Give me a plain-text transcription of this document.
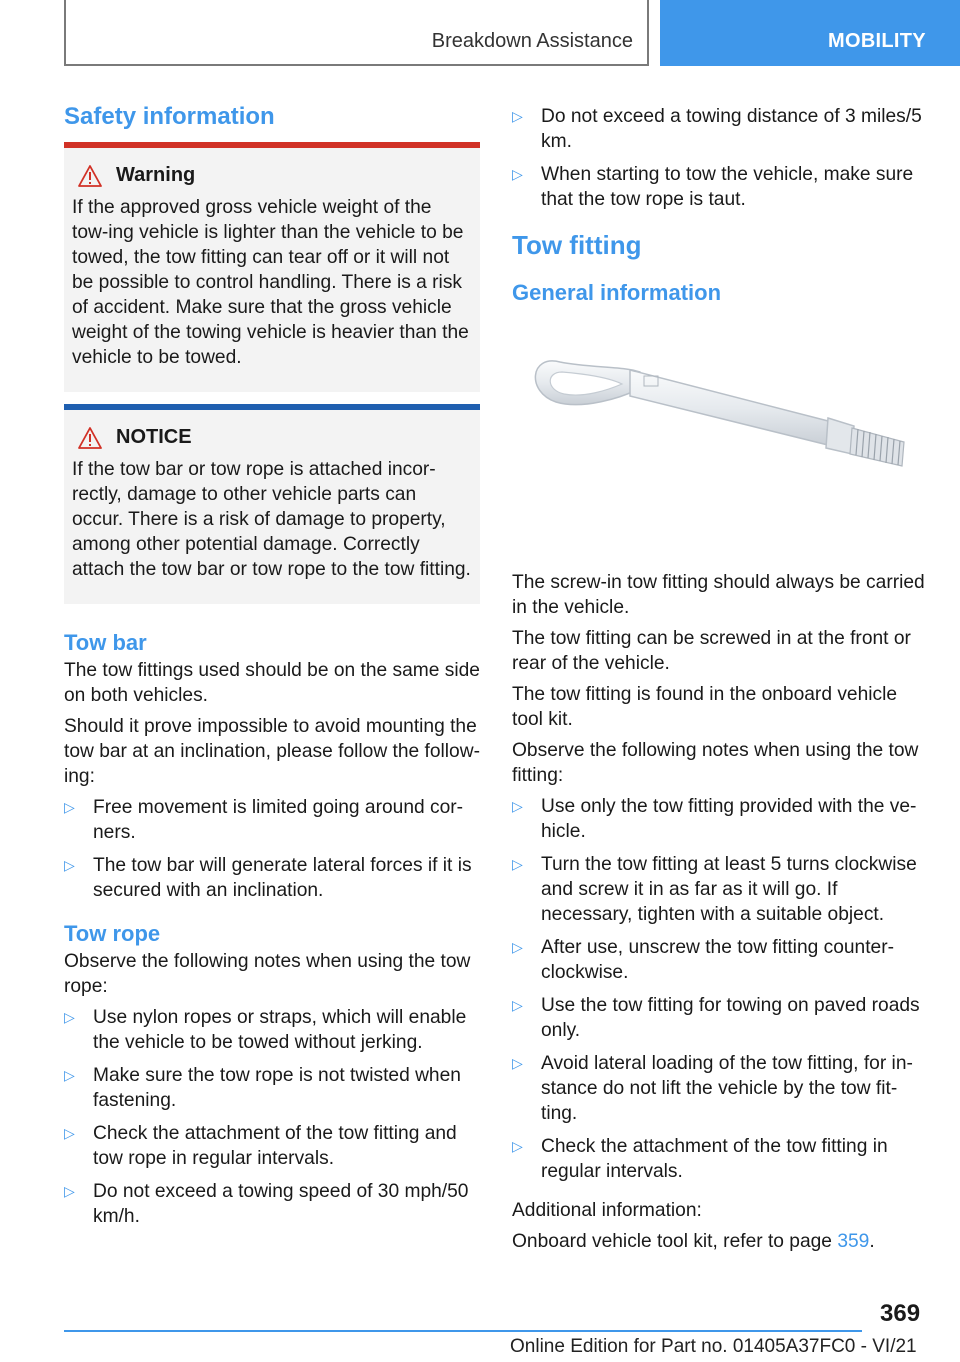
Breakdown Assistance	MOBILITY
Safety information
Warning

If the approved gross vehicle weight of the tow‐ing vehicle is lighter than the vehicle to be towed, the tow fitting can tear off or it will not be possible to control handling. There is a risk of accident. Make sure that the gross vehicle weight of the towing vehicle is heavier than the vehicle to be towed.

NOTICE

If the tow bar or tow rope is attached incor‐rectly, damage to other vehicle parts can occur. There is a risk of damage to property, among other potential damage. Correctly attach the tow bar or tow rope to the tow fitting.

Tow bar

The tow fittings used should be on the same side on both vehicles.

Should it prove impossible to avoid mounting the tow bar at an inclination, please follow the follow‐ing:

▷ Free movement is limited going around cor‐ners.
▷ The tow bar will generate lateral forces if it is secured with an inclination.
Tow rope

Observe the following notes when using the tow rope:

▷ Use nylon ropes or straps, which will enable the vehicle to be towed without jerking.
▷ Make sure the tow rope is not twisted when fastening.
▷ Check the attachment of the tow fitting and tow rope in regular intervals.
▷ Do not exceed a towing speed of 30 mph/50 km/h.
▷ Do not exceed a towing distance of 3 miles/5 km.
▷ When starting to tow the vehicle, make sure that the tow rope is taut.
Tow fitting
General information

The screw-in tow fitting should always be carried in the vehicle.

The tow fitting can be screwed in at the front or rear of the vehicle.

The tow fitting is found in the onboard vehicle tool kit.

Observe the following notes when using the tow fitting:

▷ Use only the tow fitting provided with the ve‐hicle.
▷ Turn the tow fitting at least 5 turns clockwise and screw it in as far as it will go. If necessary, tighten with a suitable object.
▷ After use, unscrew the tow fitting counter‐clockwise.
▷ Use the tow fitting for towing on paved roads only.
▷ Avoid lateral loading of the tow fitting, for in‐stance do not lift the vehicle by the tow fit‐ting.
▷ Check the attachment of the tow fitting in regular intervals.

Additional information:

Onboard vehicle tool kit, refer to page 359.

369
Online Edition for Part no. 01405A37FC0 - VI/21
